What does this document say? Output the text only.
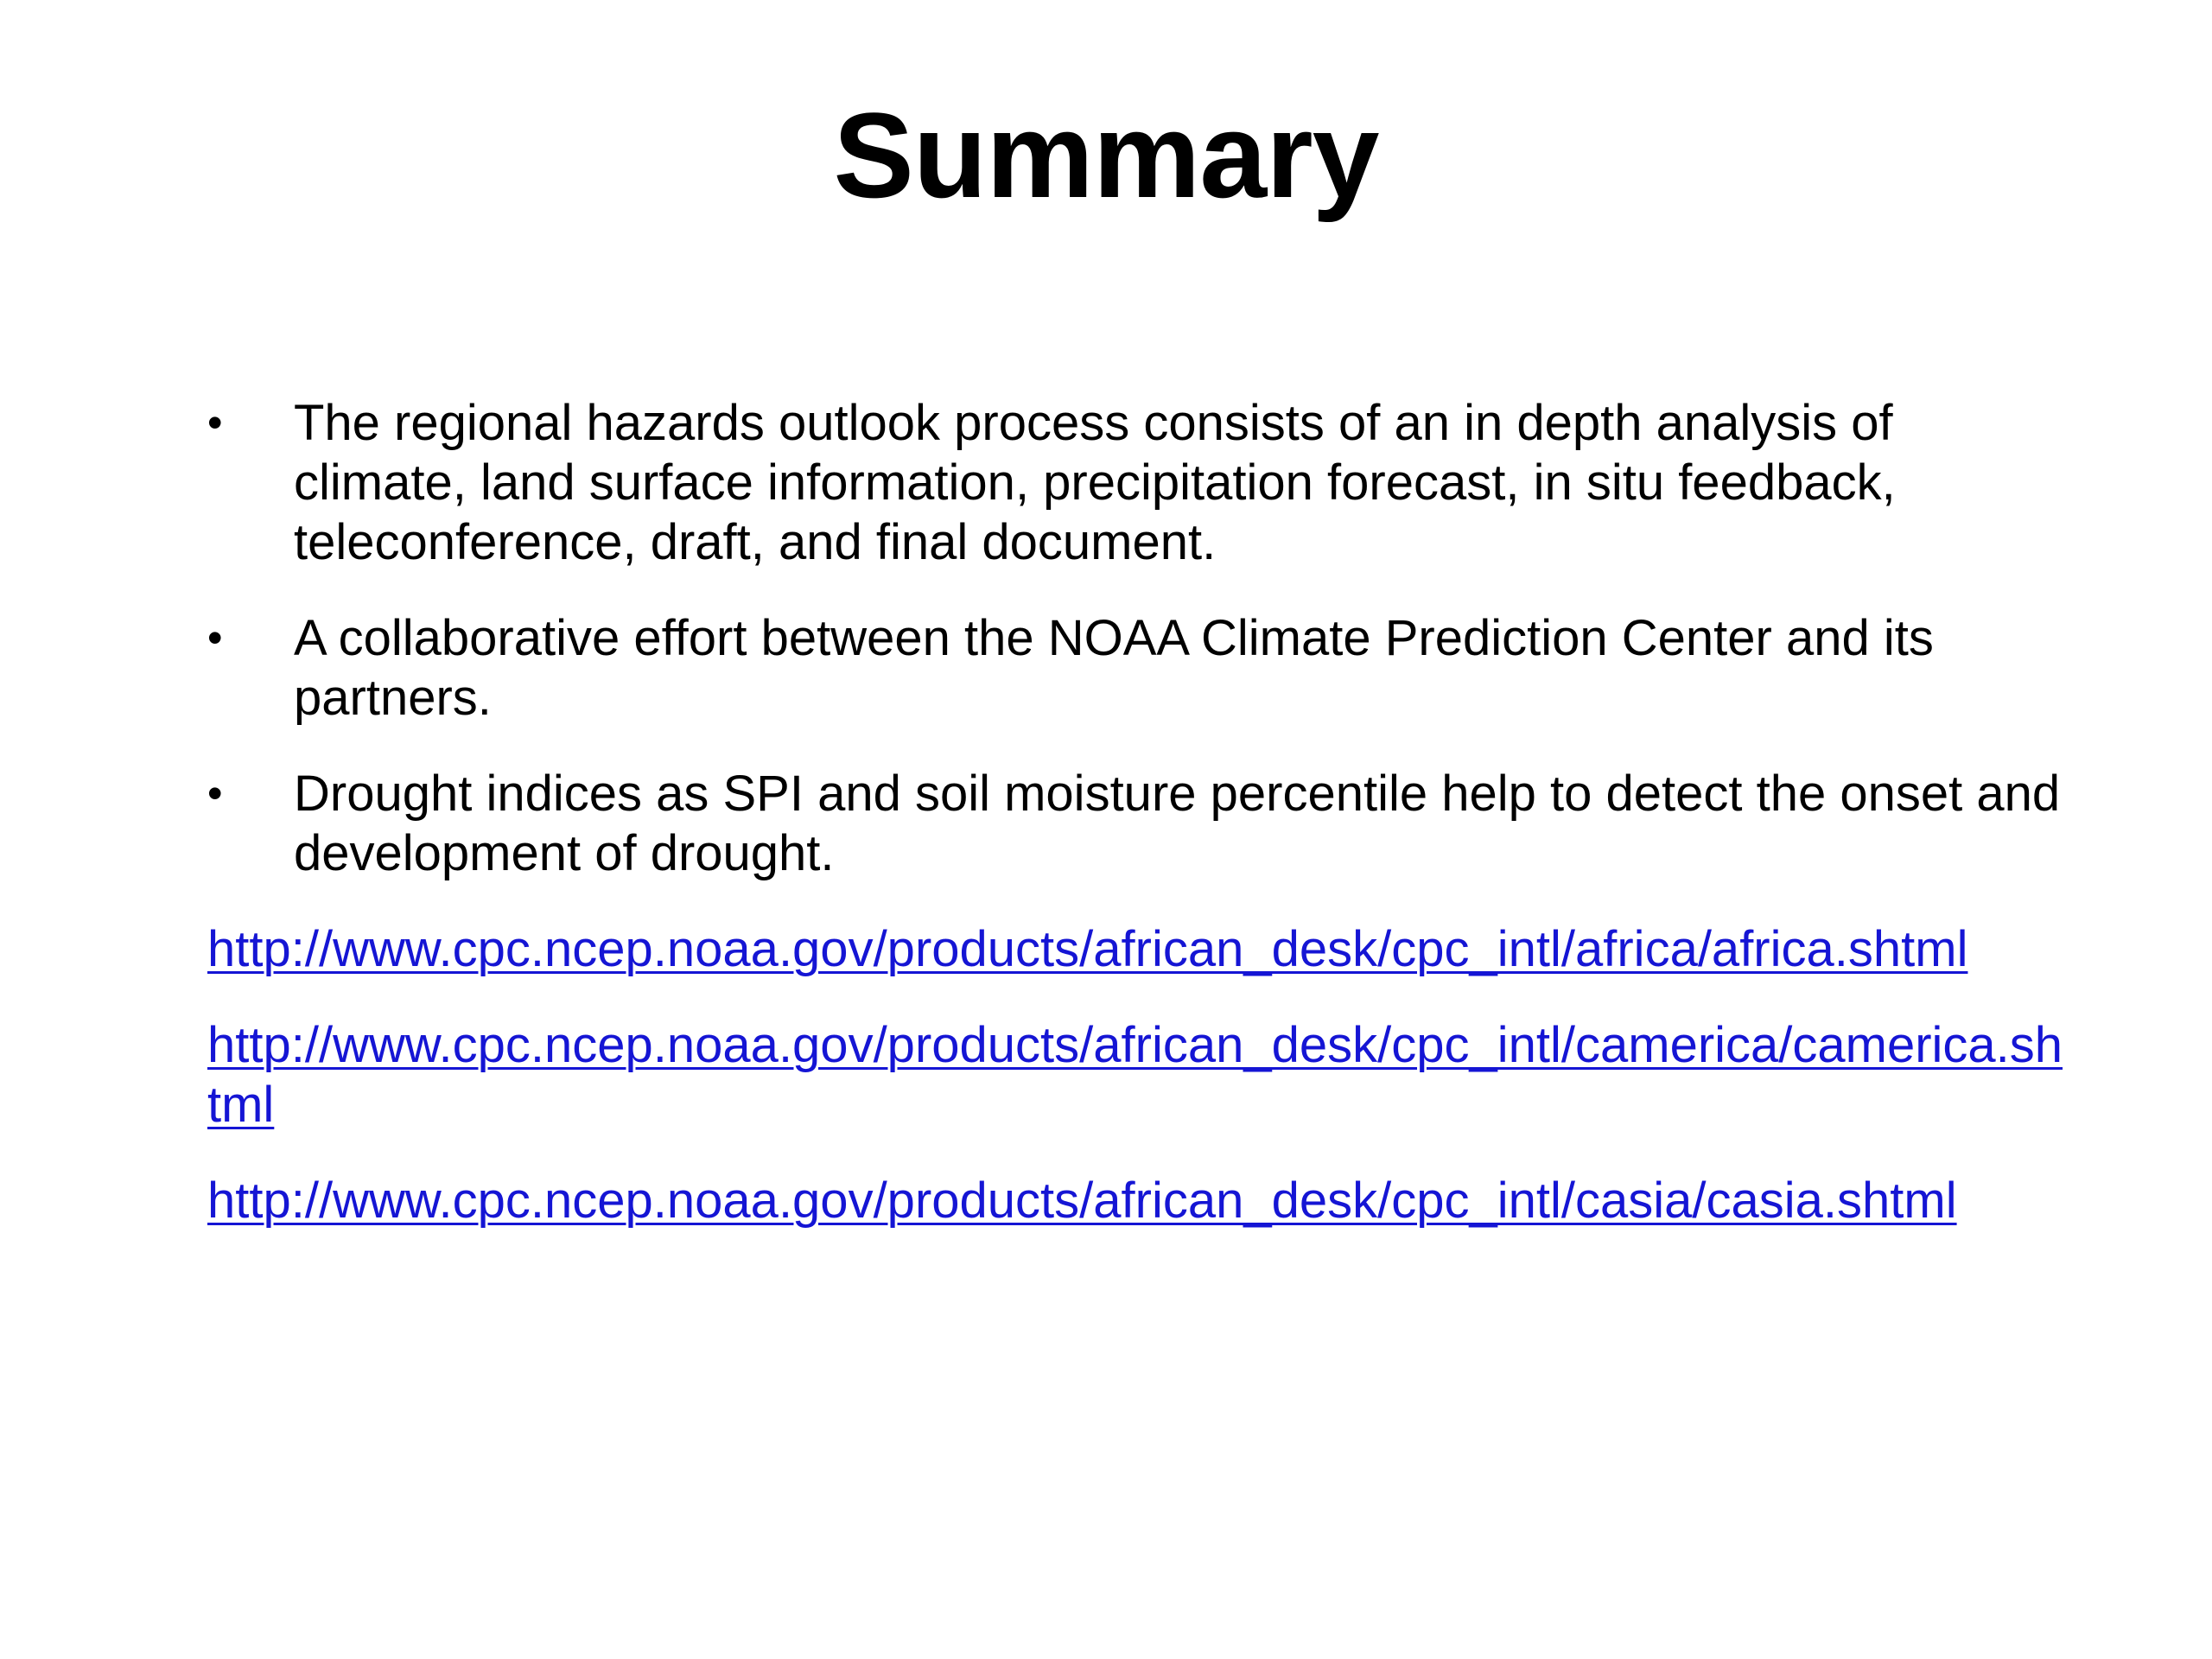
Summary
• The regional hazards outlook process consists of an in depth analysis of climate, land surface information, precipitation forecast, in situ feedback, teleconference, draft, and final document.
• A collaborative effort between the NOAA Climate Prediction Center and its partners.
• Drought indices as SPI and soil moisture percentile help to detect the onset and development of drought.
http://www.cpc.ncep.noaa.gov/products/african_desk/cpc_intl/africa/africa.shtml
http://www.cpc.ncep.noaa.gov/products/african_desk/cpc_intl/camerica/camerica.shtml
http://www.cpc.ncep.noaa.gov/products/african_desk/cpc_intl/casia/casia.shtml
